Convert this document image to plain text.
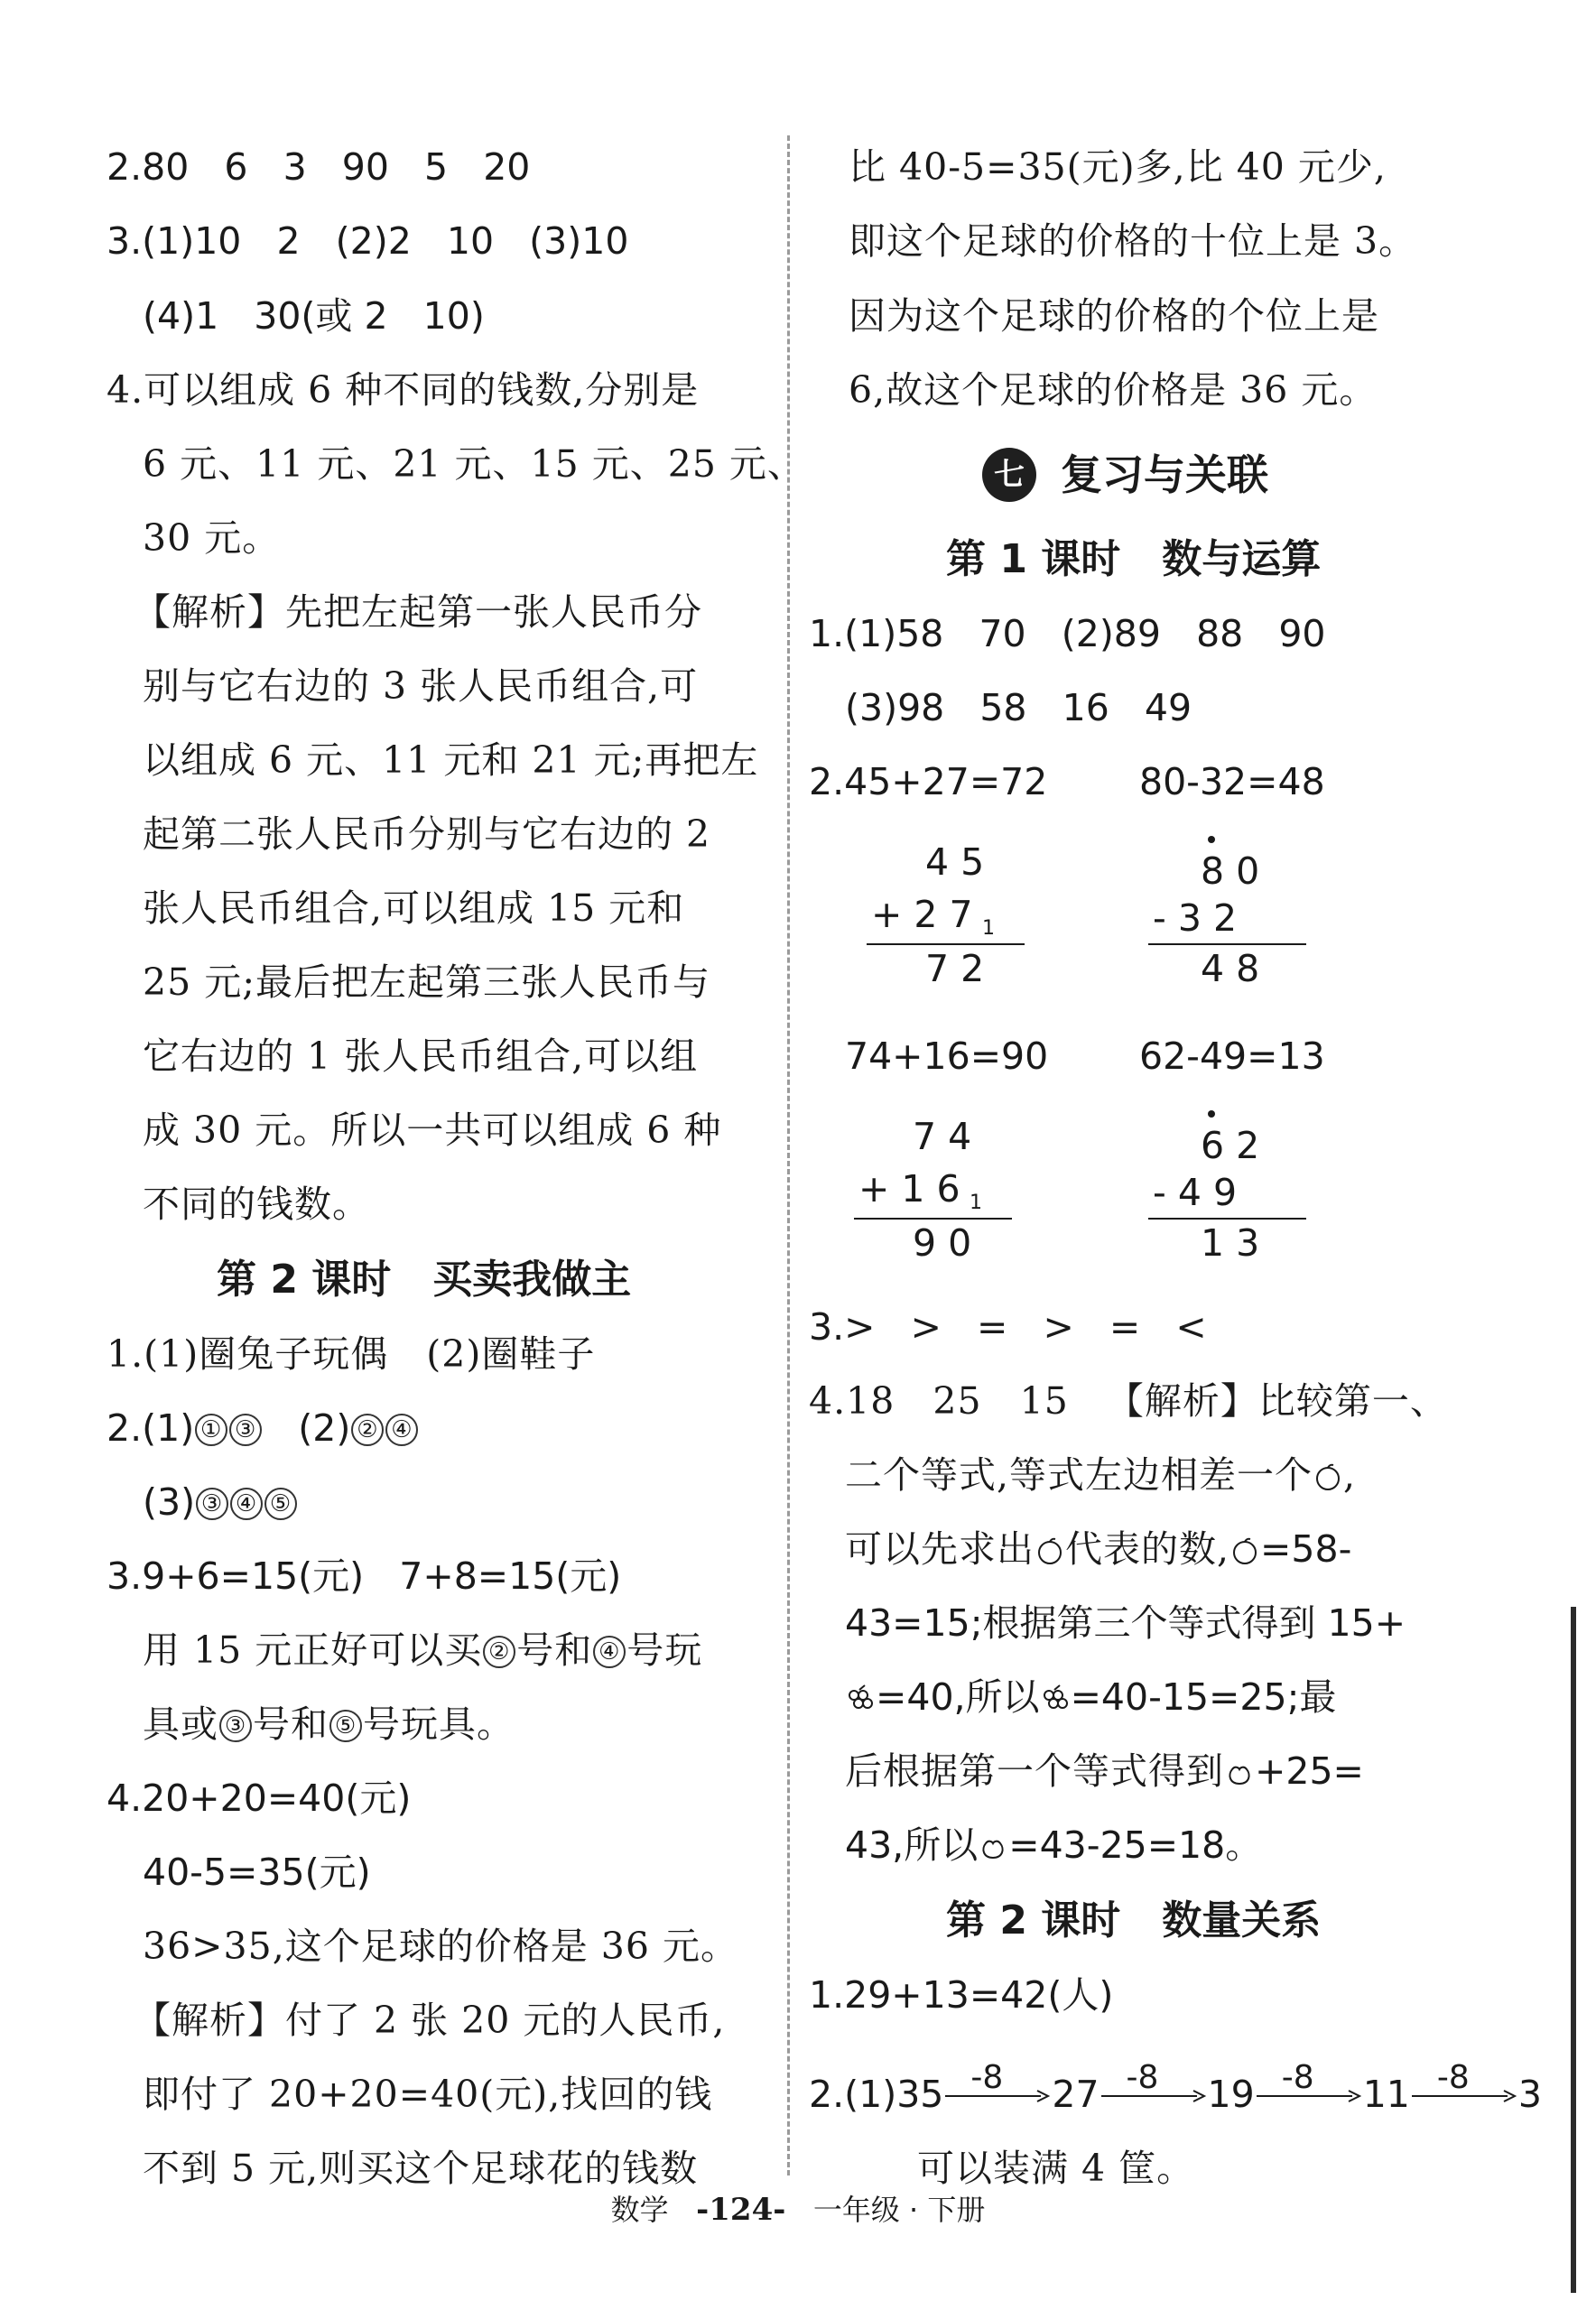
2.80   6   3   90   5   20
3.(1)10   2   (2)2   10   (3)10
(4)1   30(或 2   10)
4.可以组成 6 种不同的钱数,分别是
6 元、11 元、21 元、15 元、25 元、
30 元。
【解析】先把左起第一张人民币分
别与它右边的 3 张人民币组合,可
以组成 6 元、11 元和 21 元;再把左
起第二张人民币分别与它右边的 2
张人民币组合,可以组成 15 元和
25 元;最后把左起第三张人民币与
它右边的 1 张人民币组合,可以组
成 30 元。所以一共可以组成 6 种
不同的钱数。
第 2 课时   买卖我做主
1.(1)圈兔子玩偶   (2)圈鞋子
2.(1) ① ③   (2) ② ④
(3) ③ ④ ⑤
3.9+6=15(元)   7+8=15(元)
用 15 元正好可以买 ② 号和 ④ 号玩
具或 ③ 号和 ⑤ 号玩具。
4.20+20=40(元)
40-5=35(元)
36>35,这个足球的价格是 36 元。
【解析】付了 2 张 20 元的人民币,
即付了 20+20=40(元),找回的钱
不到 5 元,则买这个足球花的钱数
比 40-5=35(元)多,比 40 元少,
即这个足球的价格的十位上是 3。
因为这个足球的价格的个位上是
6,故这个足球的价格是 36 元。
七 复习与关联
第 1 课时   数与运算
1.(1)58   70   (2)89   88   90
(3)98   58   16   49
2.45+27=72 80-32=48
4 5
+ 2 7 1
7 2
8 0
- 3 2
4 8
74+16=90 62-49=13
7 4
+ 1 6 1
9 0
6 2
- 4 9
1 3
3.>   >   =   >   =   <
4.18   25   15   【解析】比较第一、
二个等式,等式左边相差一个 ,
可以先求出 代表的数, =58-
43=15;根据第三个等式得到 15+
=40,所以 =40-15=25;最
后根据第一个等式得到 +25=
43,所以 =43-25=18。
第 2 课时   数量关系
1.29+13=42(人)
2.(1)35 -8 27 -8 19 -8 11 -8 3
可以装满 4 筐。
数学 -124- 一年级 · 下册
